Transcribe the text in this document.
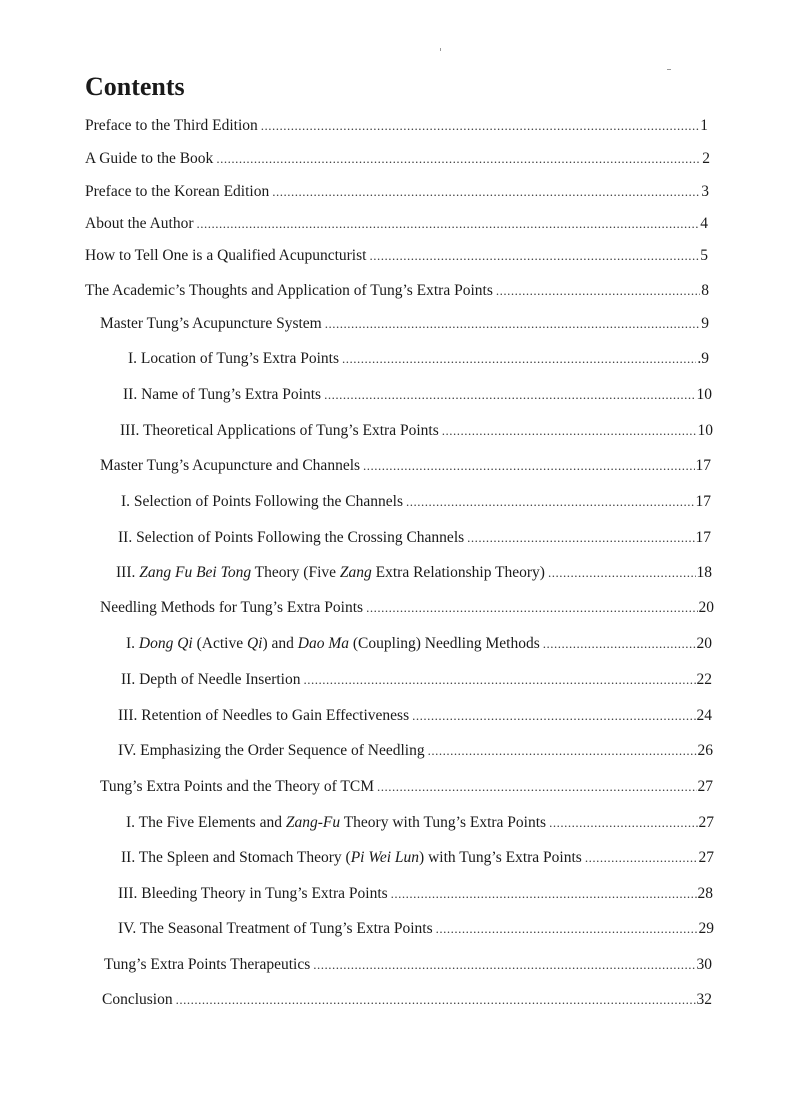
Contents
Preface to the Third Edition .....	1
A Guide to the Book .....	2
Preface to the Korean Edition .....	3
About the Author .....	4
How to Tell One is a Qualified Acupuncturist .....	5
The Academic’s Thoughts and Application of Tung’s Extra Points .....	8
Master Tung’s Acupuncture System .....	9
I. Location of Tung’s Extra Points .....	.9
II. Name of Tung’s Extra Points .....	10
III. Theoretical Applications of Tung’s Extra Points .....	10
Master Tung’s Acupuncture and Channels .....	17
I. Selection of Points Following the Channels .....	17
II. Selection of Points Following the Crossing Channels .....	17
III. Zang Fu Bei Tong Theory (Five Zang Extra Relationship Theory) .....	18
Needling Methods for Tung’s Extra Points .....	20
I. Dong Qi (Active Qi) and Dao Ma (Coupling) Needling Methods .....	20
II. Depth of Needle Insertion .....	22
III. Retention of Needles to Gain Effectiveness .....	24
IV. Emphasizing the Order Sequence of Needling .....	26
Tung’s Extra Points and the Theory of TCM .....	27
I. The Five Elements and Zang-Fu Theory with Tung’s Extra Points .....	27
II. The Spleen and Stomach Theory (Pi Wei Lun) with Tung’s Extra Points .....	27
III. Bleeding Theory in Tung’s Extra Points .....	28
IV. The Seasonal Treatment of Tung’s Extra Points .....	29
Tung’s Extra Points Therapeutics .....	30
Conclusion .....	32
